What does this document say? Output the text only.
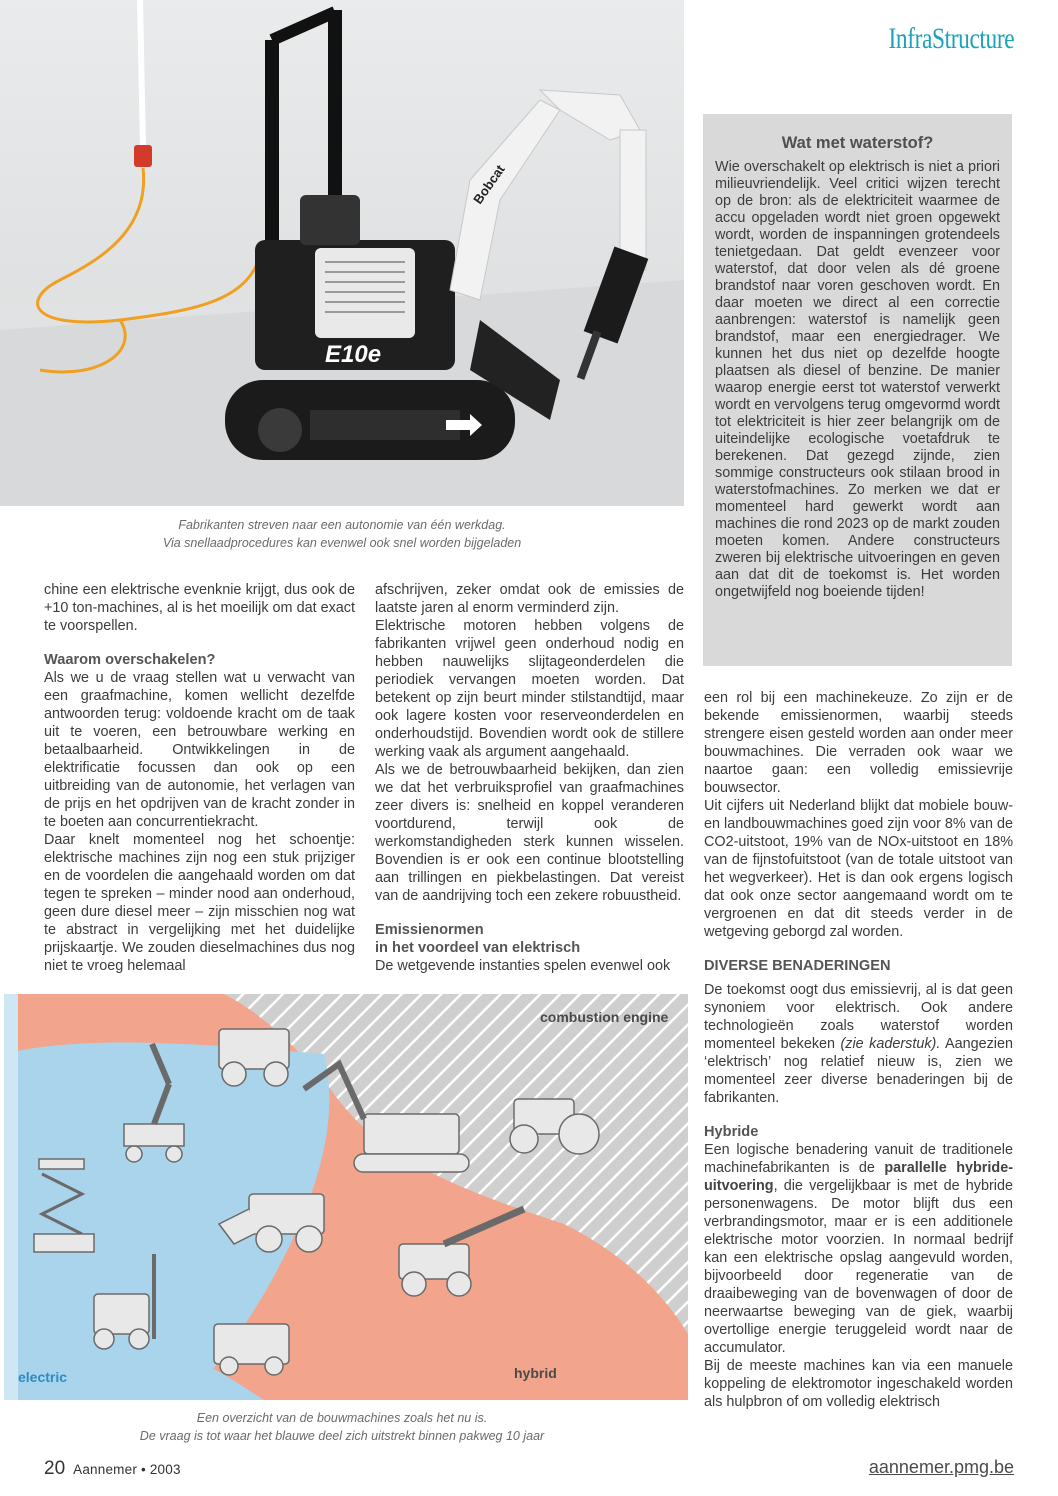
InfraStructure
E10e
Bobcat
Fabrikanten streven naar een autonomie van één werkdag.
Via snellaadprocedures kan evenwel ook snel worden bijgeladen
Wat met waterstof?

Wie overschakelt op elektrisch is niet a priori milieuvriendelijk. Veel critici wijzen terecht op de bron: als de elektriciteit waarmee de accu opgeladen wordt niet groen opgewekt wordt, worden de inspanningen grotendeels tenietgedaan. Dat geldt evenzeer voor waterstof, dat door velen als dé groene brandstof naar voren geschoven wordt. En daar moeten we direct al een correctie aanbrengen: waterstof is namelijk geen brandstof, maar een energiedrager. We kunnen het dus niet op dezelfde hoogte plaatsen als diesel of benzine. De manier waarop energie eerst tot waterstof verwerkt wordt en vervolgens terug omgevormd wordt tot elektriciteit is hier zeer belangrijk om de uiteindelijke ecologische voetafdruk te berekenen. Dat gezegd zijnde, zien sommige constructeurs ook stilaan brood in waterstofmachines. Zo merken we dat er momenteel hard gewerkt wordt aan machines die rond 2023 op de markt zouden moeten komen. Andere constructeurs zweren bij elektrische uitvoeringen en geven aan dat dit de toekomst is. Het worden ongetwijfeld nog boeiende tijden!

chine een elektrische evenknie krijgt, dus ook de +10 ton-machines, al is het moeilijk om dat exact te voorspellen.

Waarom overschakelen?

Als we u de vraag stellen wat u verwacht van een graafmachine, komen wellicht dezelfde antwoorden terug: voldoende kracht om de taak uit te voeren, een betrouwbare werking en betaalbaarheid. Ontwikkelingen in de elektrificatie focussen dan ook op een uitbreiding van de autonomie, het verlagen van de prijs en het opdrijven van de kracht zonder in te boeten aan concurrentiekracht.

Daar knelt momenteel nog het schoentje: elektrische machines zijn nog een stuk prijziger en de voordelen die aangehaald worden om dat tegen te spreken – minder nood aan onderhoud, geen dure diesel meer – zijn misschien nog wat te abstract in vergelijking met het duidelijke prijskaartje. We zouden dieselmachines dus nog niet te vroeg helemaal

afschrijven, zeker omdat ook de emissies de laatste jaren al enorm verminderd zijn.

Elektrische motoren hebben volgens de fabrikanten vrijwel geen onderhoud nodig en hebben nauwelijks slijtageonderdelen die periodiek vervangen moeten worden. Dat betekent op zijn beurt minder stilstandtijd, maar ook lagere kosten voor reserveonderdelen en onderhoudstijd. Bovendien wordt ook de stillere werking vaak als argument aangehaald.

Als we de betrouwbaarheid bekijken, dan zien we dat het verbruiksprofiel van graafmachines zeer divers is: snelheid en koppel veranderen voortdurend, terwijl ook de werkomstandigheden sterk kunnen wisselen. Bovendien is er ook een continue blootstelling aan trillingen en piekbelastingen. Dat vereist van de aandrijving toch een zekere robuustheid.

Emissienormen
in het voordeel van elektrisch

De wetgevende instanties spelen evenwel ook

een rol bij een machinekeuze. Zo zijn er de bekende emissienormen, waarbij steeds strengere eisen gesteld worden aan onder meer bouwmachines. Die verraden ook waar we naartoe gaan: een volledig emissievrije bouwsector.

Uit cijfers uit Nederland blijkt dat mobiele bouw- en landbouwmachines goed zijn voor 8% van de CO2-uitstoot, 19% van de NOx-uitstoot en 18% van de fijnstofuitstoot (van de totale uitstoot van het wegverkeer). Het is dan ook ergens logisch dat ook onze sector aangemaand wordt om te vergroenen en dat dit steeds verder in de wetgeving geborgd zal worden.

DIVERSE BENADERINGEN

De toekomst oogt dus emissievrij, al is dat geen synoniem voor elektrisch. Ook andere technologieën zoals waterstof worden momenteel bekeken (zie kaderstuk). Aangezien ‘elektrisch’ nog relatief nieuw is, zien we momenteel zeer diverse benaderingen bij de fabrikanten.

Hybride

Een logische benadering vanuit de traditionele machinefabrikanten is de parallelle hybride-uitvoering, die vergelijkbaar is met de hybride personenwagens. De motor blijft dus een verbrandingsmotor, maar er is een additionele elektrische motor voorzien. In normaal bedrijf kan een elektrische opslag aangevuld worden, bijvoorbeeld door regeneratie van de draaibeweging van de bovenwagen of door de neerwaartse beweging van de giek, waarbij overtollige energie teruggeleid wordt naar de accumulator.

Bij de meeste machines kan via een manuele koppeling de elektromotor ingeschakeld worden als hulpbron of om volledig elektrisch

combustion engine
electric	hybrid
Een overzicht van de bouwmachines zoals het nu is.
De vraag is tot waar het blauwe deel zich uitstrekt binnen pakweg 10 jaar
20 Aannemer • 2003	aannemer.pmg.be
